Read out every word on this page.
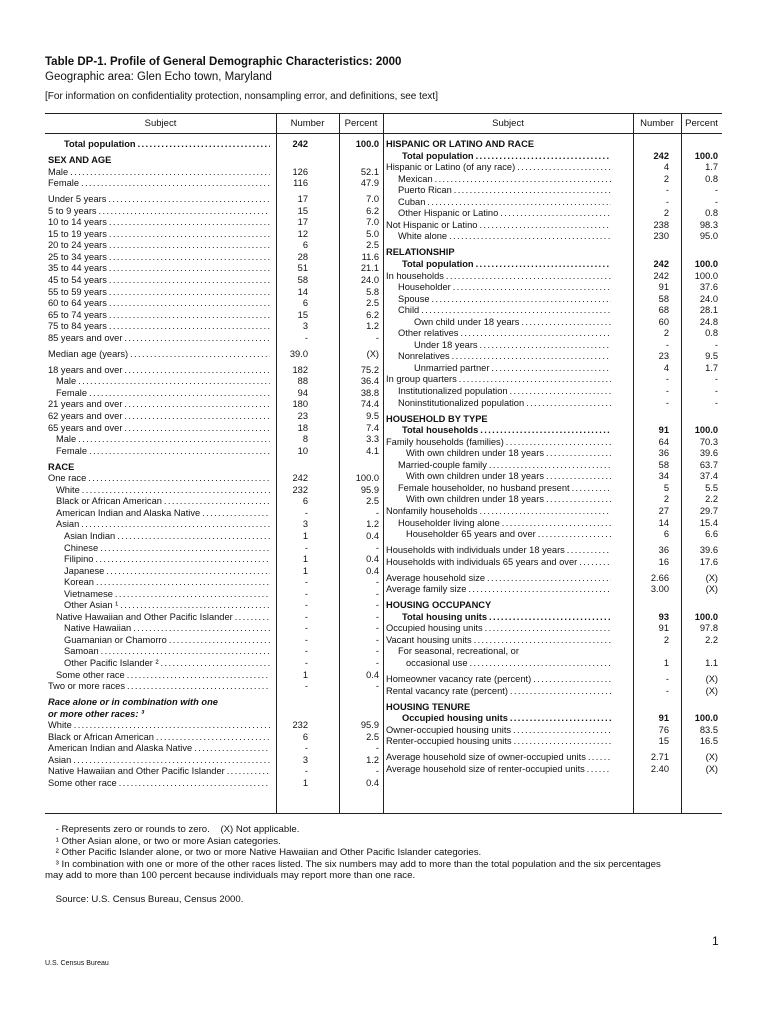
Table DP-1. Profile of General Demographic Characteristics: 2000
Geographic area: Glen Echo town, Maryland
[For information on confidentiality protection, nonsampling error, and definitions, see text]
Subject	Number	Percent	Subject	Number	Percent
Total population . . .	242	100.0
SEX AND AGE
Male . . .	126	52.1
Female . . .	116	47.9
Under 5 years . . .	17	7.0
5 to 9 years . . .	15	6.2
10 to 14 years . . .	17	7.0
15 to 19 years . . .	12	5.0
20 to 24 years . . .	6	2.5
25 to 34 years . . .	28	11.6
35 to 44 years . . .	51	21.1
45 to 54 years . . .	58	24.0
55 to 59 years . . .	14	5.8
60 to 64 years . . .	6	2.5
65 to 74 years . . .	15	6.2
75 to 84 years . . .	3	1.2
85 years and over . . .	-	-
Median age (years) . . .	39.0	(X)
18 years and over . . .	182	75.2
Male . . .	88	36.4
Female . . .	94	38.8
21 years and over . . .	180	74.4
62 years and over . . .	23	9.5
65 years and over . . .	18	7.4
Male . . .	8	3.3
Female . . .	10	4.1
RACE
One race . . .	242	100.0
White . . .	232	95.9
Black or African American . . .	6	2.5
American Indian and Alaska Native . . .	-	-
Asian . . .	3	1.2
Asian Indian . . .	1	0.4
Chinese . . .	-	-
Filipino . . .	1	0.4
Japanese . . .	1	0.4
Korean . . .	-	-
Vietnamese . . .	-	-
Other Asian ¹ . . .	-	-
Native Hawaiian and Other Pacific Islander . . .	-	-
Native Hawaiian . . .	-	-
Guamanian or Chamorro . . .	-	-
Samoan . . .	-	-
Other Pacific Islander ² . . .	-	-
Some other race . . .	1	0.4
Two or more races . . .	-	-
Race alone or in combination with one
or more other races: ³
White . . .	232	95.9
Black or African American . . .	6	2.5
American Indian and Alaska Native . . .	-	-
Asian . . .	3	1.2
Native Hawaiian and Other Pacific Islander . . .	-	-
Some other race . . .	1	0.4
HISPANIC OR LATINO AND RACE
Total population . . .	242	100.0
Hispanic or Latino (of any race) . . .	4	1.7
Mexican . . .	2	0.8
Puerto Rican . . .	-	-
Cuban . . .	-	-
Other Hispanic or Latino . . .	2	0.8
Not Hispanic or Latino . . .	238	98.3
White alone . . .	230	95.0
RELATIONSHIP
Total population . . .	242	100.0
In households . . .	242	100.0
Householder . . .	91	37.6
Spouse . . .	58	24.0
Child . . .	68	28.1
Own child under 18 years . . .	60	24.8
Other relatives . . .	2	0.8
Under 18 years . . .	-	-
Nonrelatives . . .	23	9.5
Unmarried partner . . .	4	1.7
In group quarters . . .	-	-
Institutionalized population . . .	-	-
Noninstitutionalized population . . .	-	-
HOUSEHOLD BY TYPE
Total households . . .	91	100.0
Family households (families) . . .	64	70.3
With own children under 18 years . . .	36	39.6
Married-couple family . . .	58	63.7
With own children under 18 years . . .	34	37.4
Female householder, no husband present . . .	5	5.5
With own children under 18 years . . .	2	2.2
Nonfamily households . . .	27	29.7
Householder living alone . . .	14	15.4
Householder 65 years and over . . .	6	6.6
Households with individuals under 18 years . . .	36	39.6
Households with individuals 65 years and over . . .	16	17.6
Average household size . . .	2.66	(X)
Average family size . . .	3.00	(X)
HOUSING OCCUPANCY
Total housing units . . .	93	100.0
Occupied housing units . . .	91	97.8
Vacant housing units . . .	2	2.2
For seasonal, recreational, or
occasional use . . .	1	1.1
Homeowner vacancy rate (percent) . . .	-	(X)
Rental vacancy rate (percent) . . .	-	(X)
HOUSING TENURE
Occupied housing units . . .	91	100.0
Owner-occupied housing units . . .	76	83.5
Renter-occupied housing units . . .	15	16.5
Average household size of owner-occupied units . . .	2.71	(X)
Average household size of renter-occupied units . . .	2.40	(X)
- Represents zero or rounds to zero.    (X) Not applicable.
¹ Other Asian alone, or two or more Asian categories.
² Other Pacific Islander alone, or two or more Native Hawaiian and Other Pacific Islander categories.
³ In combination with one or more of the other races listed. The six numbers may add to more than the total population and the six percentages
may add to more than 100 percent because individuals may report more than one race.

Source: U.S. Census Bureau, Census 2000.
1
U.S. Census Bureau
